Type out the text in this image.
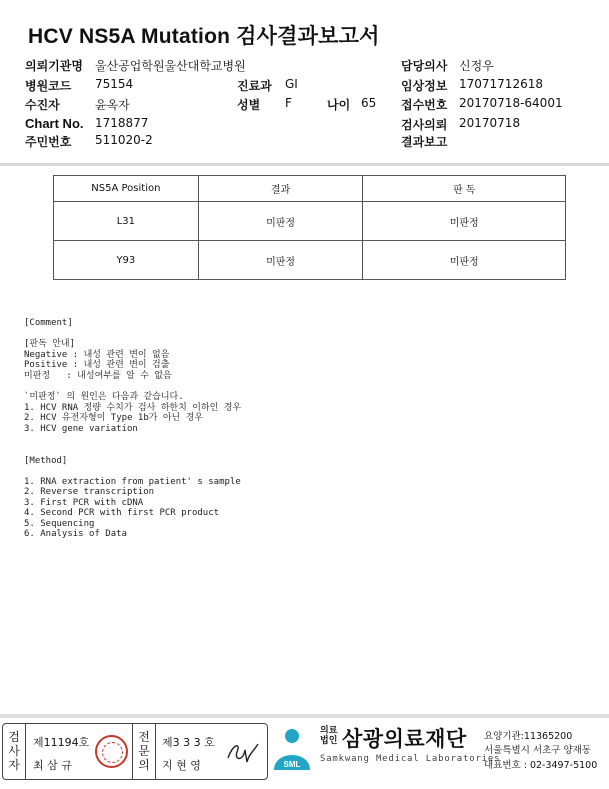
HCV NS5A Mutation 검사결과보고서
의뢰기관명 울산공업학원울산대학교병원	담당의사 신정우
병원코드 75154	진료과 GI	임상정보 17071712618
수진자	윤옥자	성별 F	나이 65 접수번호 20170718-64001
Chart No. 1718877	검사의뢰 20170718
주민번호 511020-2	결과보고
NS5A Position	결과	판 독
L31	미판정	미판정
Y93	미판정	미판정
[Comment]
[판독 안내]
Negative : 내성 관련 변이 없음
Positive : 내성 관련 변이 검출
미판정   : 내성여부를 알 수 없음
`미판정` 의 원인은 다음과 같습니다.
1. HCV RNA 정량 수치가 검사 하한치 이하인 경우
2. HCV 유전자형이 Type 1b가 아닌 경우
3. HCV gene variation
[Method]
1. RNA extraction from patient' s sample
2. Reverse transcription
3. First PCR with cDNA
4. Second PCR with first PCR product
5. Sequencing
6. Analysis of Data
검사자
제11194호
최 삼 규
전문의
제3 3 3 호
지 현 영	SML
의료법인 삼광의료재단
Samkwang Medical Laboratories
요양기관:11365200
서울특별시 서초구 양재동
대표번호 : 02-3497-5100
